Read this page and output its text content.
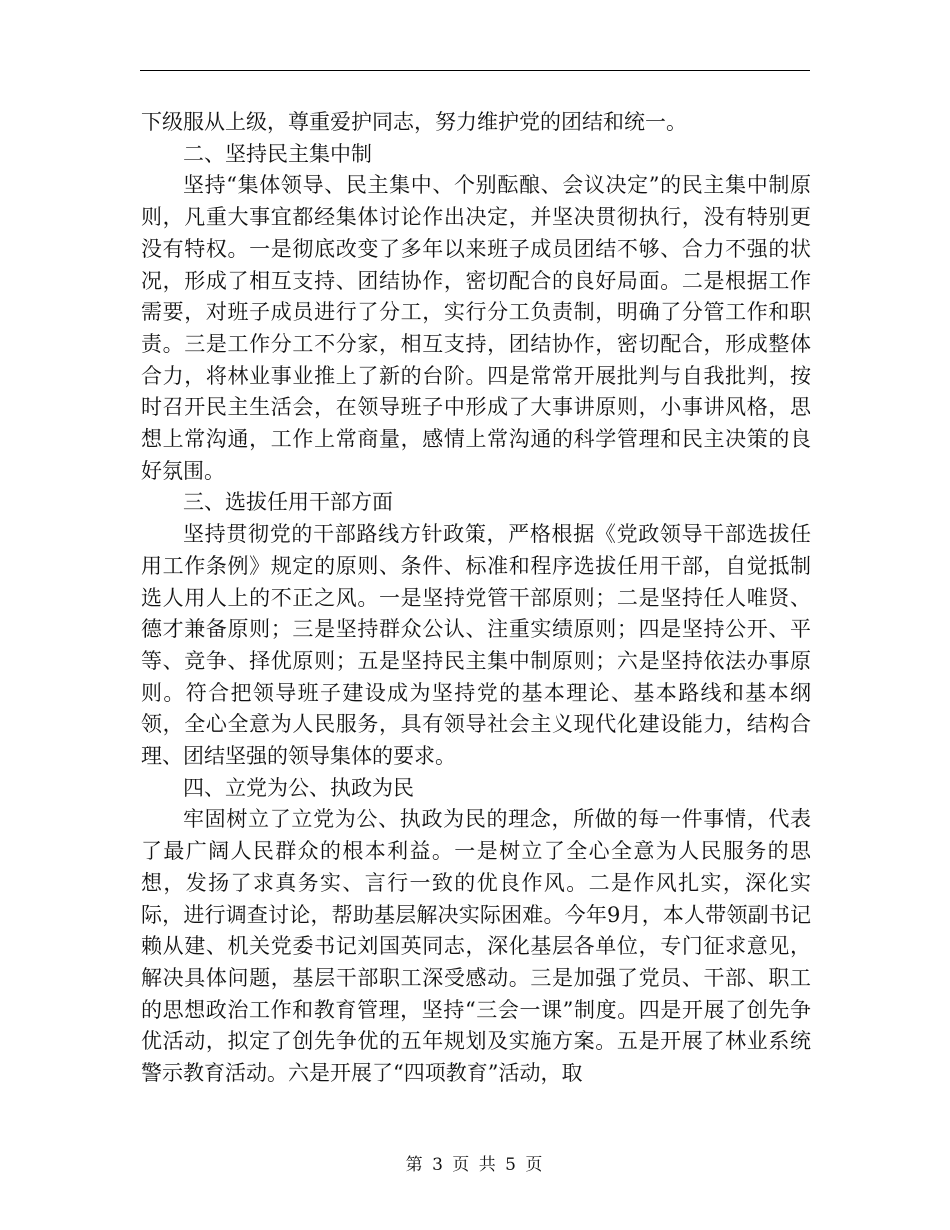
下级服从上级，尊重爱护同志，努力维护党的团结和统一。

二、坚持民主集中制

坚持“集体领导、民主集中、个别酝酿、会议决定”的民主集中制原则，凡重大事宜都经集体讨论作出决定，并坚决贯彻执行，没有特别更没有特权。一是彻底改变了多年以来班子成员团结不够、合力不强的状况，形成了相互支持、团结协作，密切配合的良好局面。二是根据工作需要，对班子成员进行了分工，实行分工负责制，明确了分管工作和职责。三是工作分工不分家，相互支持，团结协作，密切配合，形成整体合力，将林业事业推上了新的台阶。四是常常开展批判与自我批判，按时召开民主生活会，在领导班子中形成了大事讲原则，小事讲风格，思想上常沟通，工作上常商量，感情上常沟通的科学管理和民主决策的良好氛围。

三、选拔任用干部方面

坚持贯彻党的干部路线方针政策，严格根据《党政领导干部选拔任用工作条例》规定的原则、条件、标准和程序选拔任用干部，自觉抵制选人用人上的不正之风。一是坚持党管干部原则；二是坚持任人唯贤、德才兼备原则；三是坚持群众公认、注重实绩原则；四是坚持公开、平等、竞争、择优原则；五是坚持民主集中制原则；六是坚持依法办事原则。符合把领导班子建设成为坚持党的基本理论、基本路线和基本纲领，全心全意为人民服务，具有领导社会主义现代化建设能力，结构合理、团结坚强的领导集体的要求。

四、立党为公、执政为民

牢固树立了立党为公、执政为民的理念，所做的每一件事情，代表了最广阔人民群众的根本利益。一是树立了全心全意为人民服务的思想，发扬了求真务实、言行一致的优良作风。二是作风扎实，深化实际，进行调查讨论，帮助基层解决实际困难。今年9月，本人带领副书记赖从建、机关党委书记刘国英同志，深化基层各单位，专门征求意见，解决具体问题，基层干部职工深受感动。三是加强了党员、干部、职工的思想政治工作和教育管理，坚持“三会一课”制度。四是开展了创先争优活动，拟定了创先争优的五年规划及实施方案。五是开展了林业系统警示教育活动。六是开展了“四项教育”活动，取

第 3 页 共 5 页
